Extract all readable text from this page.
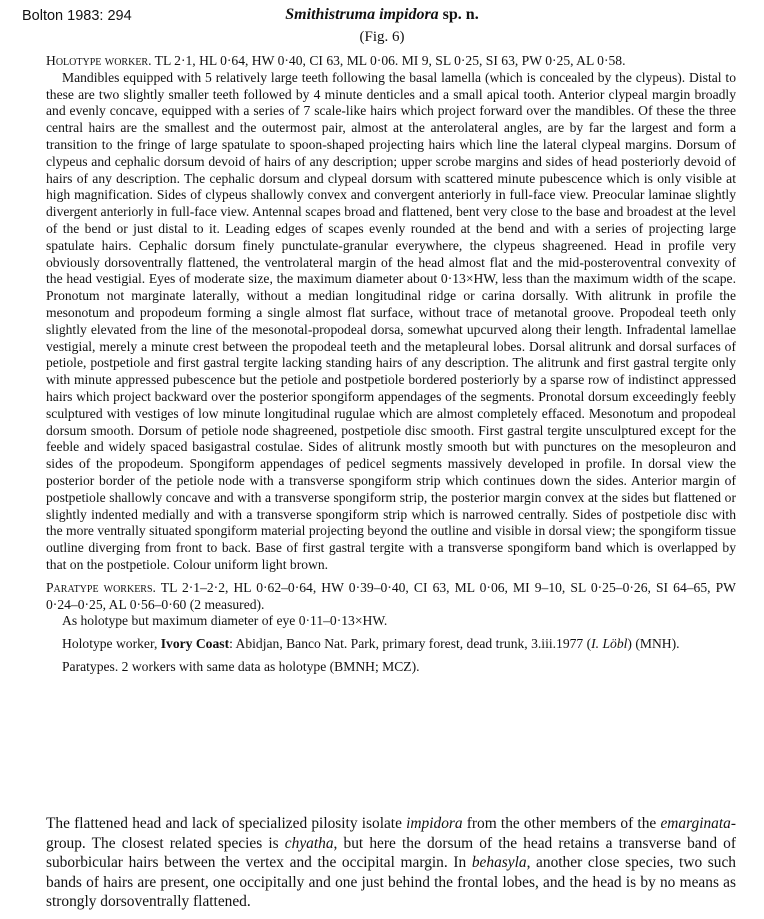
Bolton 1983: 294	Smithistruma impidora sp. n.
(Fig. 6)

Holotype worker. TL 2·1, HL 0·64, HW 0·40, CI 63, ML 0·06. MI 9, SL 0·25, SI 63, PW 0·25, AL 0·58.

Mandibles equipped with 5 relatively large teeth following the basal lamella (which is concealed by the clypeus). Distal to these are two slightly smaller teeth followed by 4 minute denticles and a small apical tooth. Anterior clypeal margin broadly and evenly concave, equipped with a series of 7 scale-like hairs which project forward over the mandibles. Of these the three central hairs are the smallest and the outermost pair, almost at the anterolateral angles, are by far the largest and form a transition to the fringe of large spatulate to spoon-shaped projecting hairs which line the lateral clypeal margins. Dorsum of clypeus and cephalic dorsum devoid of hairs of any description; upper scrobe margins and sides of head posteriorly devoid of hairs of any description. The cephalic dorsum and clypeal dorsum with scattered minute pubescence which is only visible at high magnification. Sides of clypeus shallowly convex and convergent anteriorly in full-face view. Preocular laminae slightly divergent anteriorly in full-face view. Antennal scapes broad and flattened, bent very close to the base and broadest at the level of the bend or just distal to it. Leading edges of scapes evenly rounded at the bend and with a series of projecting large spatulate hairs. Cephalic dorsum finely punctulate-granular everywhere, the clypeus shagreened. Head in profile very obviously dorsoventrally flattened, the ventrolateral margin of the head almost flat and the mid-posteroventral convexity of the head vestigial. Eyes of moderate size, the maximum diameter about 0·13×HW, less than the maximum width of the scape. Pronotum not marginate laterally, without a median longitudinal ridge or carina dorsally. With alitrunk in profile the mesonotum and propodeum forming a single almost flat surface, without trace of metanotal groove. Propodeal teeth only slightly elevated from the line of the mesonotal-propodeal dorsa, somewhat upcurved along their length. Infradental lamellae vestigial, merely a minute crest between the propodeal teeth and the metapleural lobes. Dorsal alitrunk and dorsal surfaces of petiole, postpetiole and first gastral tergite lacking standing hairs of any description. The alitrunk and first gastral tergite only with minute appressed pubescence but the petiole and postpetiole bordered posteriorly by a sparse row of indistinct appressed hairs which project backward over the posterior spongiform appendages of the segments. Pronotal dorsum exceedingly feebly sculptured with vestiges of low minute longitudinal rugulae which are almost completely effaced. Mesonotum and propodeal dorsum smooth. Dorsum of petiole node shagreened, postpetiole disc smooth. First gastral tergite unsculptured except for the feeble and widely spaced basigastral costulae. Sides of alitrunk mostly smooth but with punctures on the mesopleuron and sides of the propodeum. Spongiform appendages of pedicel segments massively developed in profile. In dorsal view the posterior border of the petiole node with a transverse spongiform strip which continues down the sides. Anterior margin of postpetiole shallowly concave and with a transverse spongiform strip, the posterior margin convex at the sides but flattened or slightly indented medially and with a transverse spongiform strip which is narrowed centrally. Sides of postpetiole disc with the more ventrally situated spongiform material projecting beyond the outline and visible in dorsal view; the spongiform tissue outline diverging from front to back. Base of first gastral tergite with a transverse spongiform band which is overlapped by that on the postpetiole. Colour uniform light brown.

Paratype workers. TL 2·1–2·2, HL 0·62–0·64, HW 0·39–0·40, CI 63, ML 0·06, MI 9–10, SL 0·25–0·26, SI 64–65, PW 0·24–0·25, AL 0·56–0·60 (2 measured).

As holotype but maximum diameter of eye 0·11–0·13×HW.

Holotype worker, Ivory Coast: Abidjan, Banco Nat. Park, primary forest, dead trunk, 3.iii.1977 (I. Löbl) (MNH).

Paratypes. 2 workers with same data as holotype (BMNH; MCZ).

The flattened head and lack of specialized pilosity isolate impidora from the other members of the emarginata-group. The closest related species is chyatha, but here the dorsum of the head retains a transverse band of suborbicular hairs between the vertex and the occipital margin. In behasyla, another close species, two such bands of hairs are present, one occipitally and one just behind the frontal lobes, and the head is by no means as strongly dorsoventrally flattened.
